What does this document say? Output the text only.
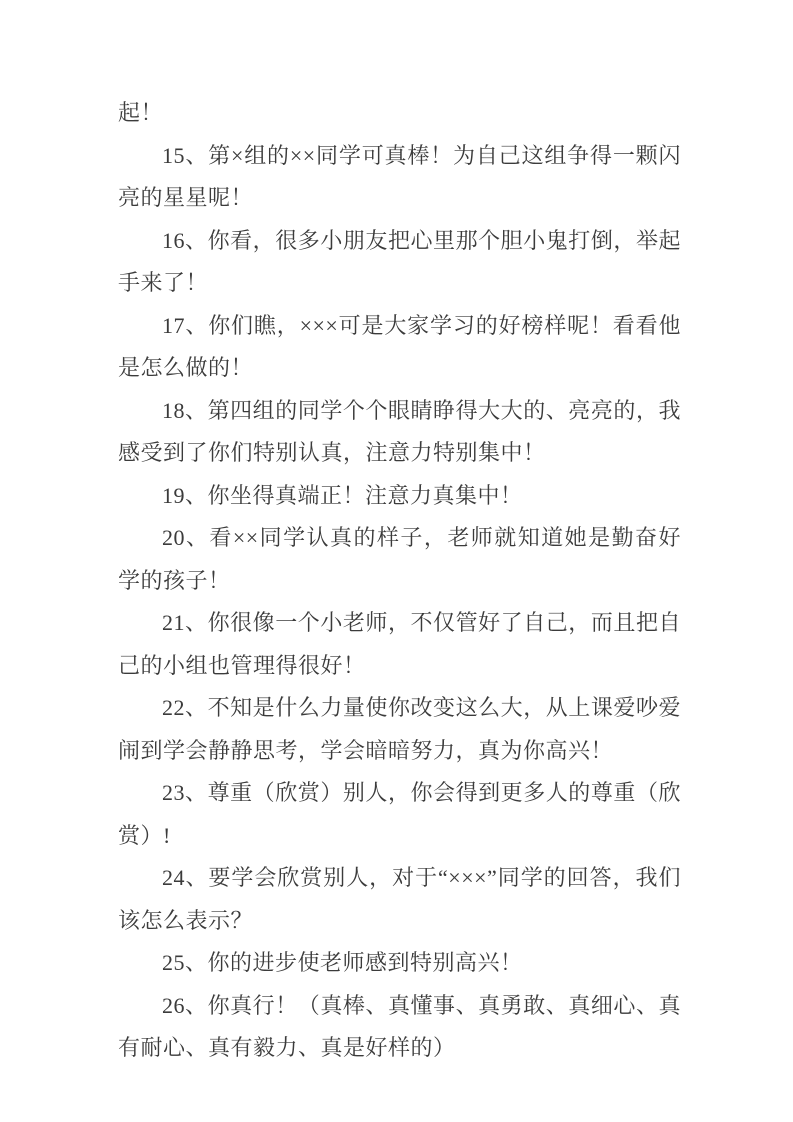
起！

15、第×组的××同学可真棒！为自己这组争得一颗闪亮的星星呢！

16、你看，很多小朋友把心里那个胆小鬼打倒，举起手来了！

17、你们瞧，×××可是大家学习的好榜样呢！看看他是怎么做的！

18、第四组的同学个个眼睛睁得大大的、亮亮的，我感受到了你们特别认真，注意力特别集中！

19、你坐得真端正！注意力真集中！

20、看××同学认真的样子，老师就知道她是勤奋好学的孩子！

21、你很像一个小老师，不仅管好了自己，而且把自己的小组也管理得很好！

22、不知是什么力量使你改变这么大，从上课爱吵爱闹到学会静静思考，学会暗暗努力，真为你高兴！

23、尊重（欣赏）别人，你会得到更多人的尊重（欣赏）!

24、要学会欣赏别人，对于“×××”同学的回答，我们该怎么表示？

25、你的进步使老师感到特别高兴！

26、你真行！（真棒、真懂事、真勇敢、真细心、真有耐心、真有毅力、真是好样的）
